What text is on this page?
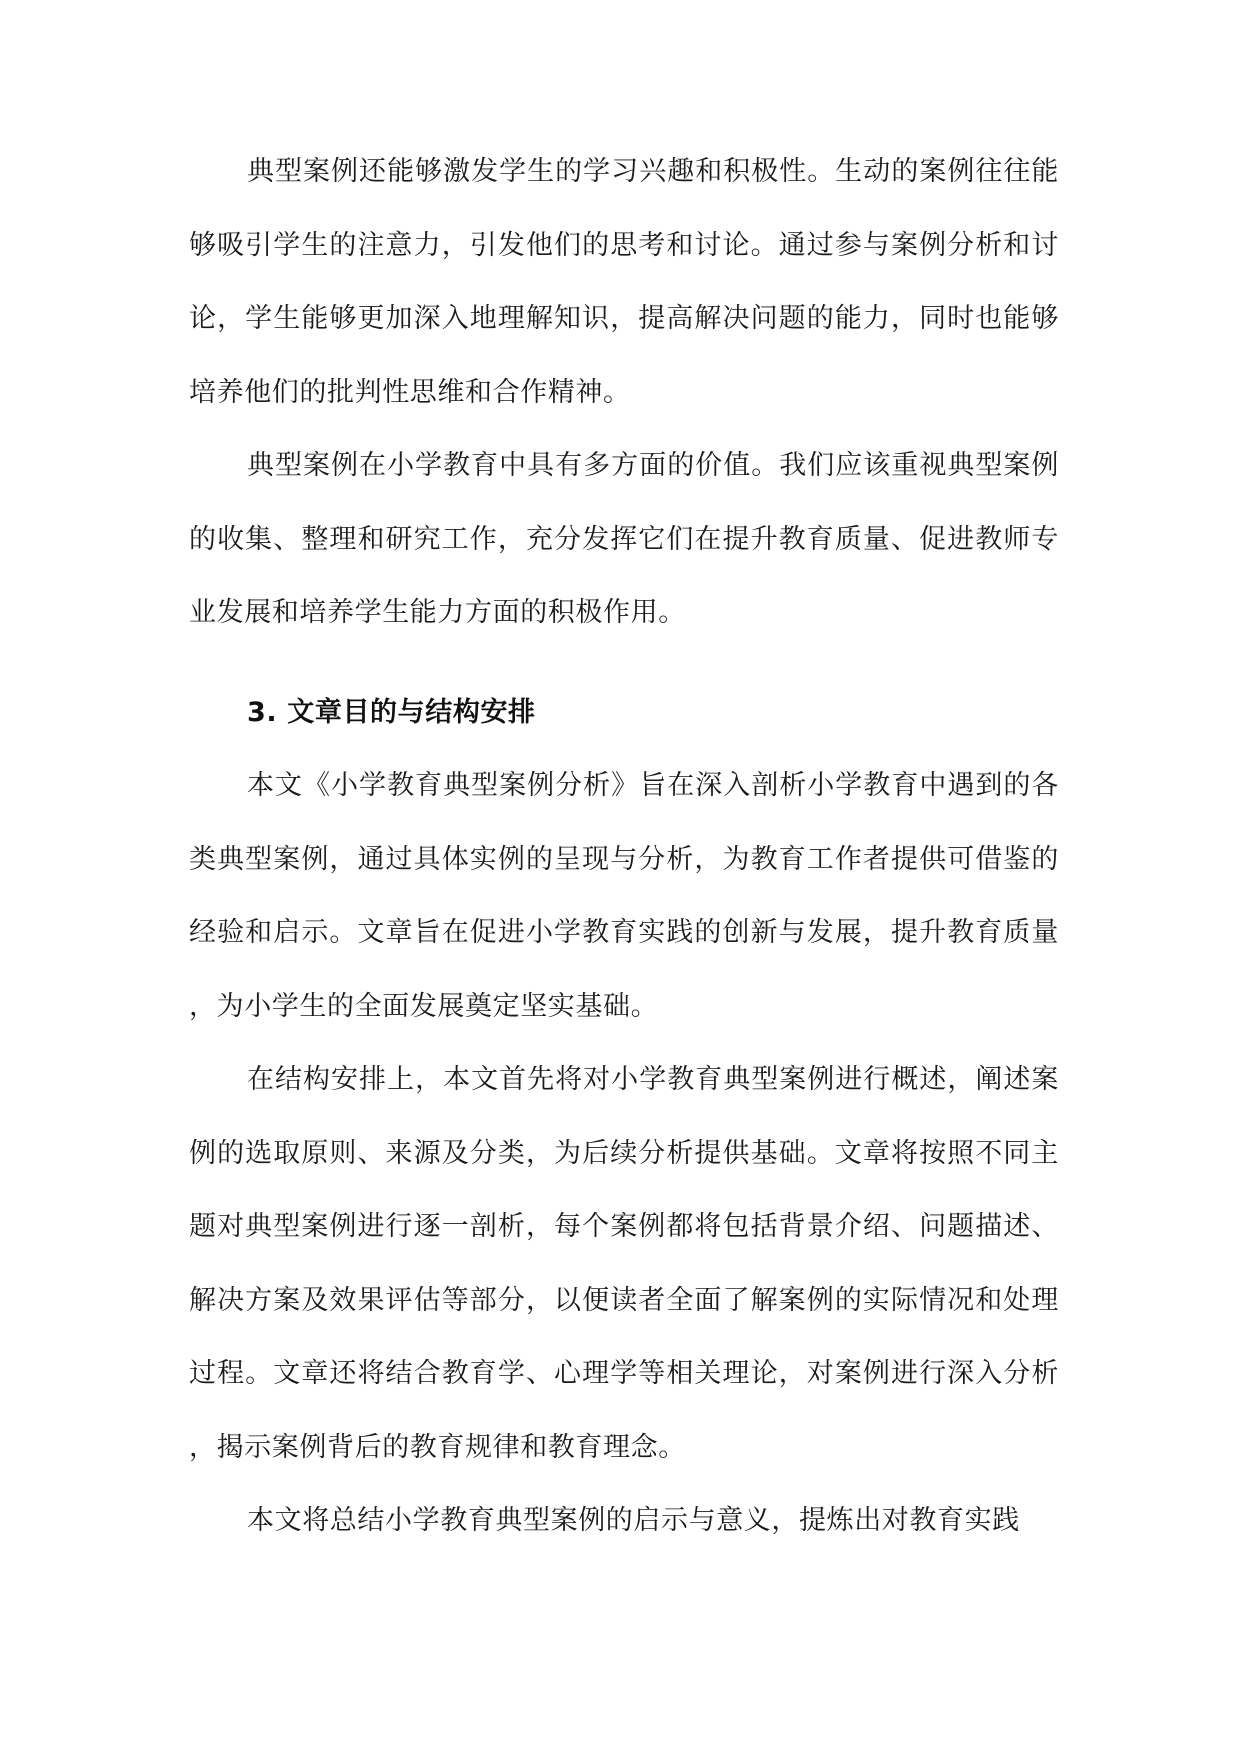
典型案例还能够激发学生的学习兴趣和积极性。生动的案例往往能够吸引学生的注意力，引发他们的思考和讨论。通过参与案例分析和讨论，学生能够更加深入地理解知识，提高解决问题的能力，同时也能够培养他们的批判性思维和合作精神。

典型案例在小学教育中具有多方面的价值。我们应该重视典型案例的收集、整理和研究工作，充分发挥它们在提升教育质量、促进教师专业发展和培养学生能力方面的积极作用。

3. 文章目的与结构安排

本文《小学教育典型案例分析》旨在深入剖析小学教育中遇到的各类典型案例，通过具体实例的呈现与分析，为教育工作者提供可借鉴的经验和启示。文章旨在促进小学教育实践的创新与发展，提升教育质量，为小学生的全面发展奠定坚实基础。

在结构安排上，本文首先将对小学教育典型案例进行概述，阐述案例的选取原则、来源及分类，为后续分析提供基础。文章将按照不同主题对典型案例进行逐一剖析，每个案例都将包括背景介绍、问题描述、解决方案及效果评估等部分，以便读者全面了解案例的实际情况和处理过程。文章还将结合教育学、心理学等相关理论，对案例进行深入分析，揭示案例背后的教育规律和教育理念。

本文将总结小学教育典型案例的启示与意义，提炼出对教育实践
